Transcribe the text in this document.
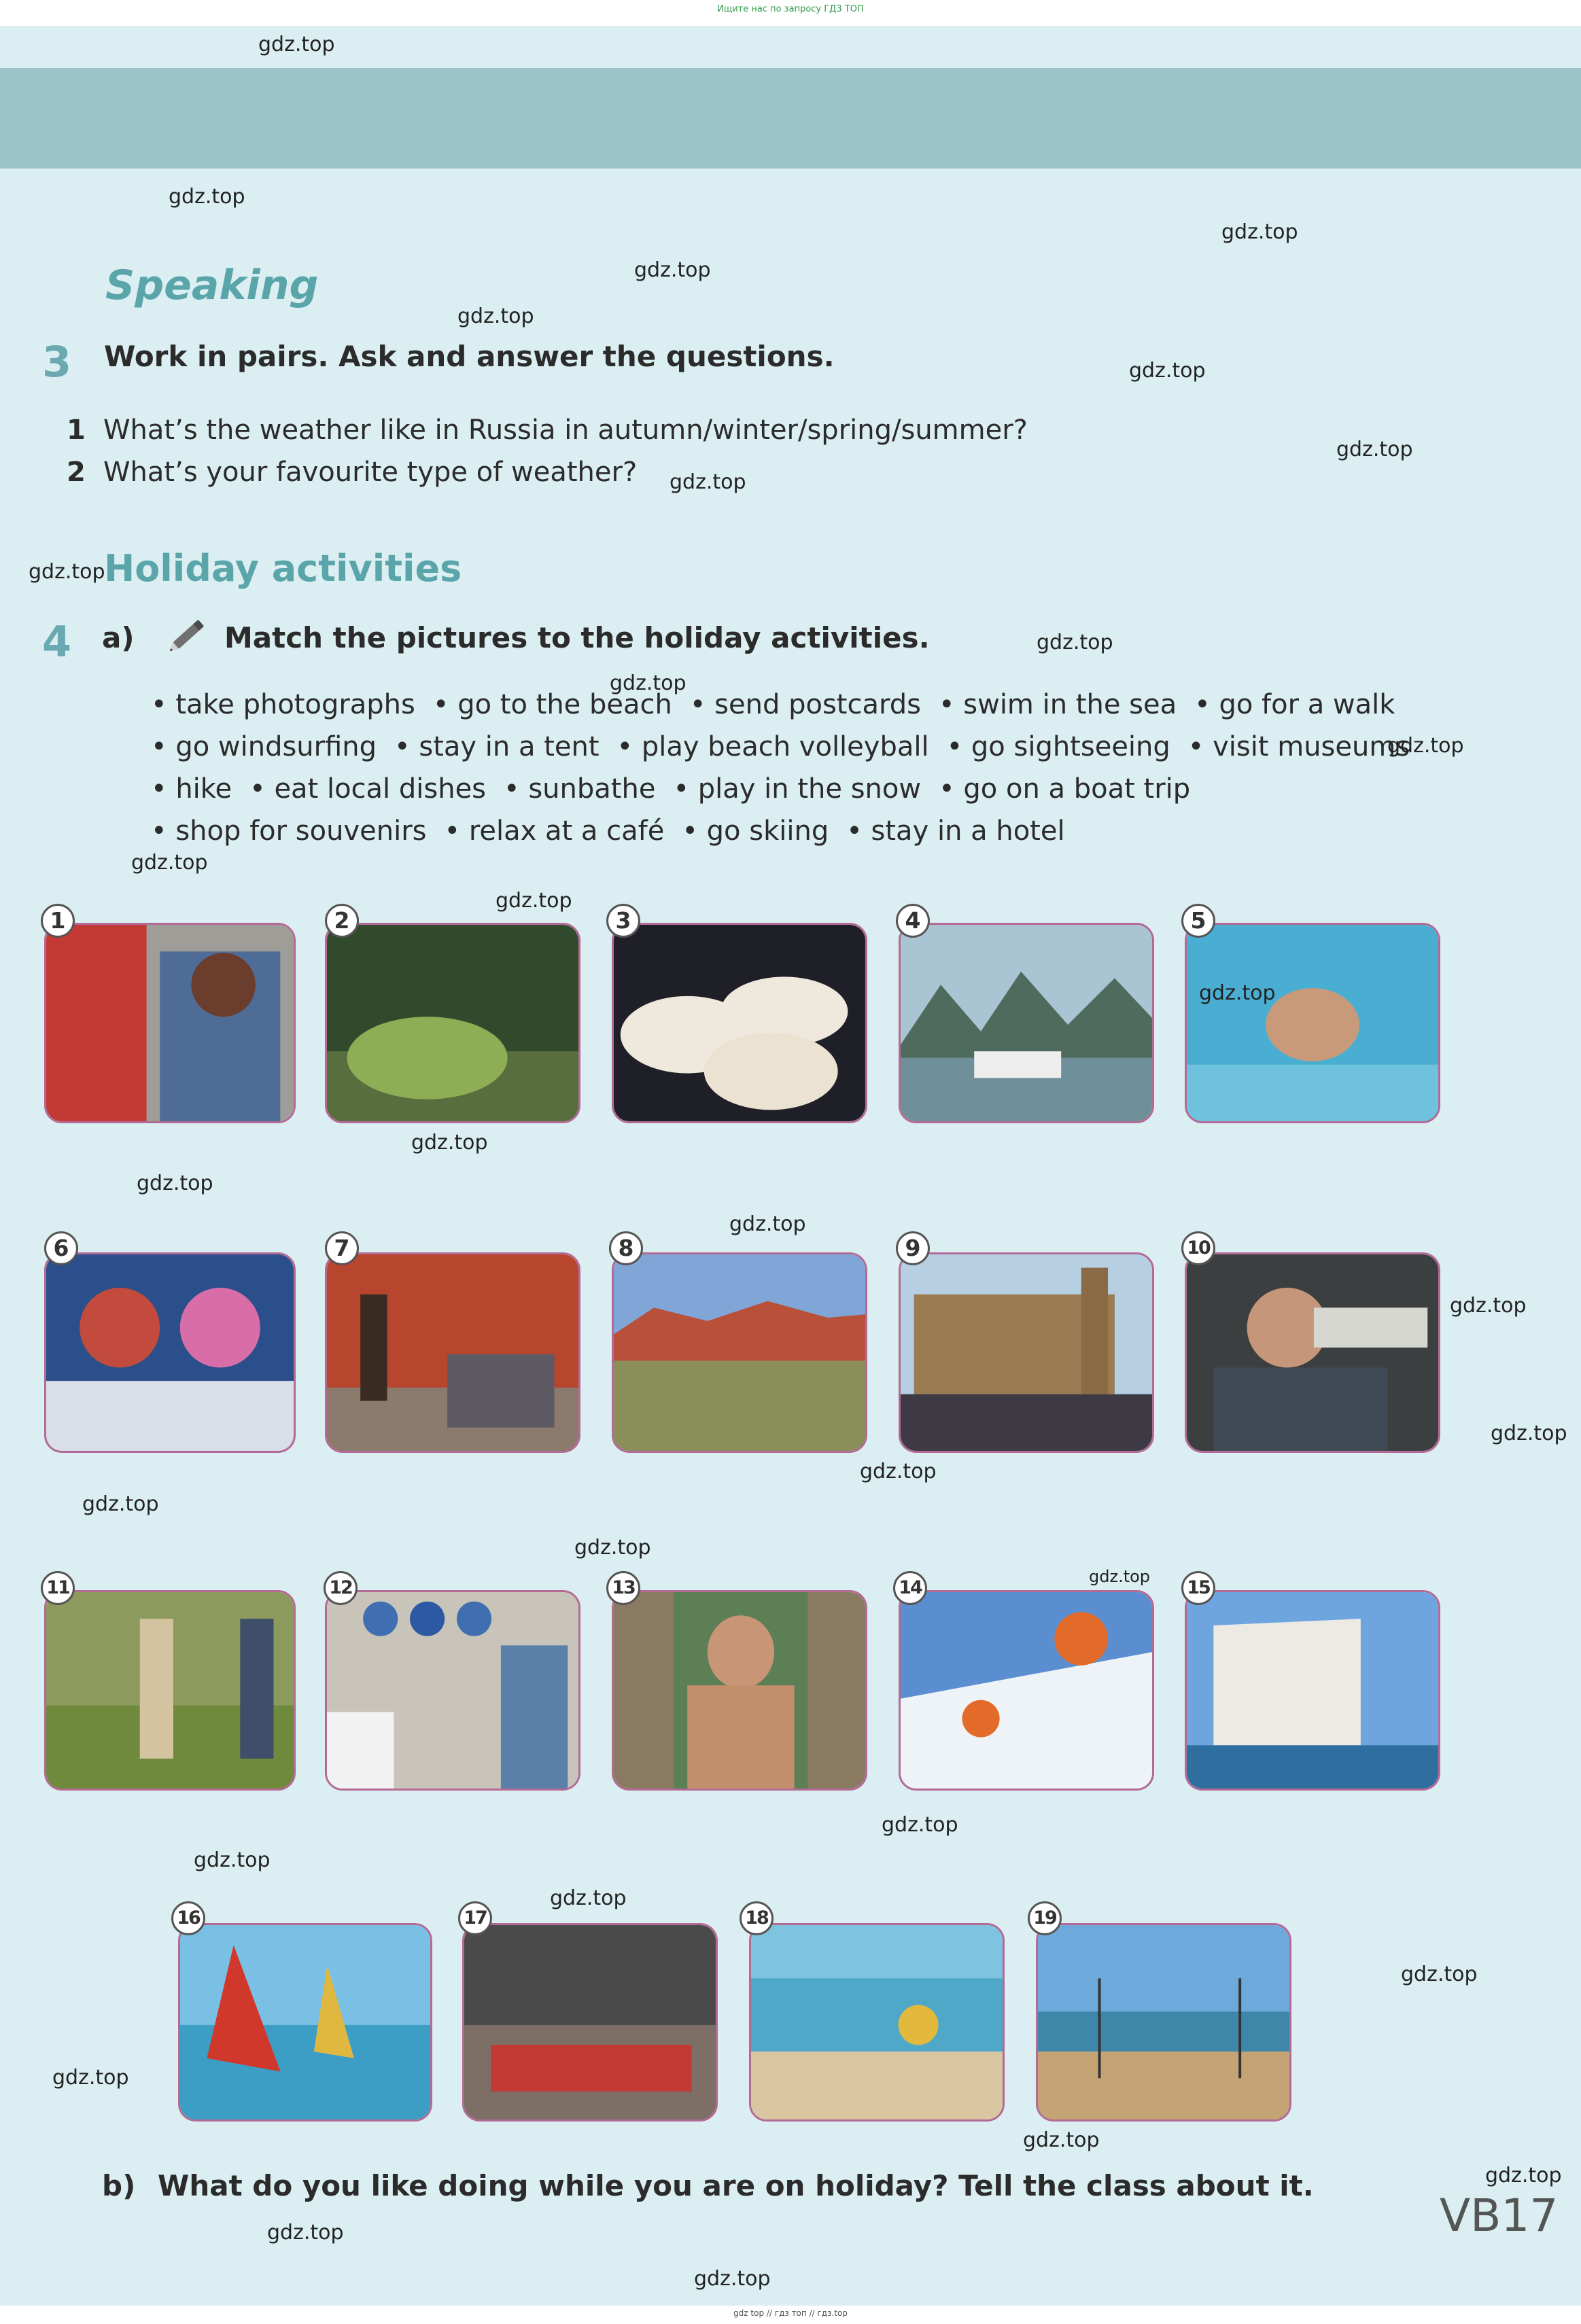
Ищите нас по запросу ГДЗ ТОП
gdz top // гдз топ // гдз.top
Speaking
3 Work in pairs. Ask and answer the questions.
1 What’s the weather like in Russia in autumn/winter/spring/summer?
2 What’s your favourite type of weather?
Holiday activities
4 a)	Match the pictures to the holiday activities.
• take photographs • go to the beach • send postcards • swim in the sea • go for a walk
• go windsurfing • stay in a tent • play beach volleyball • go sightseeing • visit museums
• hike • eat local dishes • sunbathe • play in the snow • go on a boat trip
• shop for souvenirs • relax at a café • go skiing • stay in a hotel
1	2	3	4	5
6	7	8	9	10
11	12	13	14	15
16	17	18	19
b) What do you like doing while you are on holiday? Tell the class about it.
VB17
gdz.top
gdz.top
gdz.top
gdz.top
gdz.top
gdz.top
gdz.top
gdz.top
gdz.top
gdz.top
gdz.top
gdz.top
gdz.top
gdz.top
gdz.top
gdz.top
gdz.top
gdz.top
gdz.top
gdz.top
gdz.top
gdz.top
gdz.top
gdz.top
gdz.top
gdz.top
gdz.top
gdz.top
gdz.top
gdz.top
gdz.top
gdz.top
gdz.top
